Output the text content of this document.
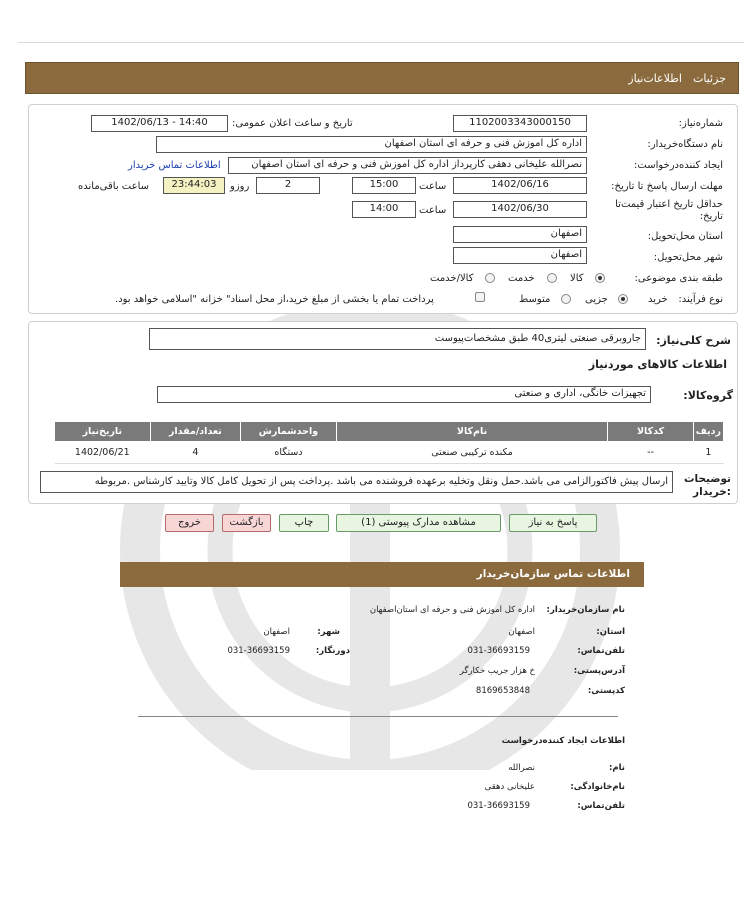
جزئیات
اطلاعات‌نیاز
شماره‌نیاز:
1102003343000150
تاریخ و ساعت اعلان عمومی:
1402/06/13 - 14:40
نام دستگاه‌خریدار:
اداره کل اموزش فنی و حرفه ای استان اصفهان
ایجاد کننده‌درخواست:
نصرالله علیخانی دهقی کارپرداز اداره کل اموزش فنی و حرفه ای استان اصفهان
اطلاعات تماس خریدار
مهلت ارسال پاسخ تا تاریخ:
1402/06/16
ساعت
15:00
2
روزو
23:44:03
ساعت باقی‌مانده
حداقل تاریخ اعتبار قیمت‌تا
تاریخ:
1402/06/30
ساعت
14:00
استان محل‌تحویل:
اصفهان
شهر محل‌تحویل:
اصفهان
طبقه بندی موضوعی:
کالا
خدمت
کالا/خدمت
نوع فرآیند:
خرید
جزیی
متوسط
پرداخت تمام یا بخشی از مبلغ خرید،از محل اسناد" خزانه "اسلامی خواهد بود.
شرح کلی‌نیاز:
جاروبرقی صنعتی لیتری40 طبق مشخصات‌پیوست
اطلاعات کالاهای موردنیاز
گروه‌کالا:
تجهیزات خانگی، اداری و صنعتی
ردیف	کدکالا	نام‌کالا	واحدشمارش	تعداد/مقدار	تاریخ‌نیاز
1	--	مکنده ترکیبی صنعتی	دستگاه	4	1402/06/21
توضیحات
:خریدار
ارسال پیش فاکتورالزامی می باشد.حمل ونقل وتخلیه برعهده فروشنده می باشد .پرداخت پس از تحویل کامل کالا وتایید کارشناس .مربوطه
پاسخ به نیاز
مشاهده مدارک پیوستی (1)
چاپ
بازگشت
خروج
اطلاعات تماس سازمان‌خریدار
نام سازمان‌خریدار:
اداره کل اموزش فنی و حرفه ای استان‌اصفهان
استان:
اصفهان
شهر:
اصفهان
تلفن‌تماس:
031-36693159
دورنگار:
031-36693159
آدرس‌پستی:
خ هزار جریب خکارگر
کد‌پستی:
8169653848
اطلاعات ایجاد کننده‌درخواست
نام:
نصرالله
نام‌خانوادگی:
علیخانی دهقی
تلفن‌تماس:
031-36693159
